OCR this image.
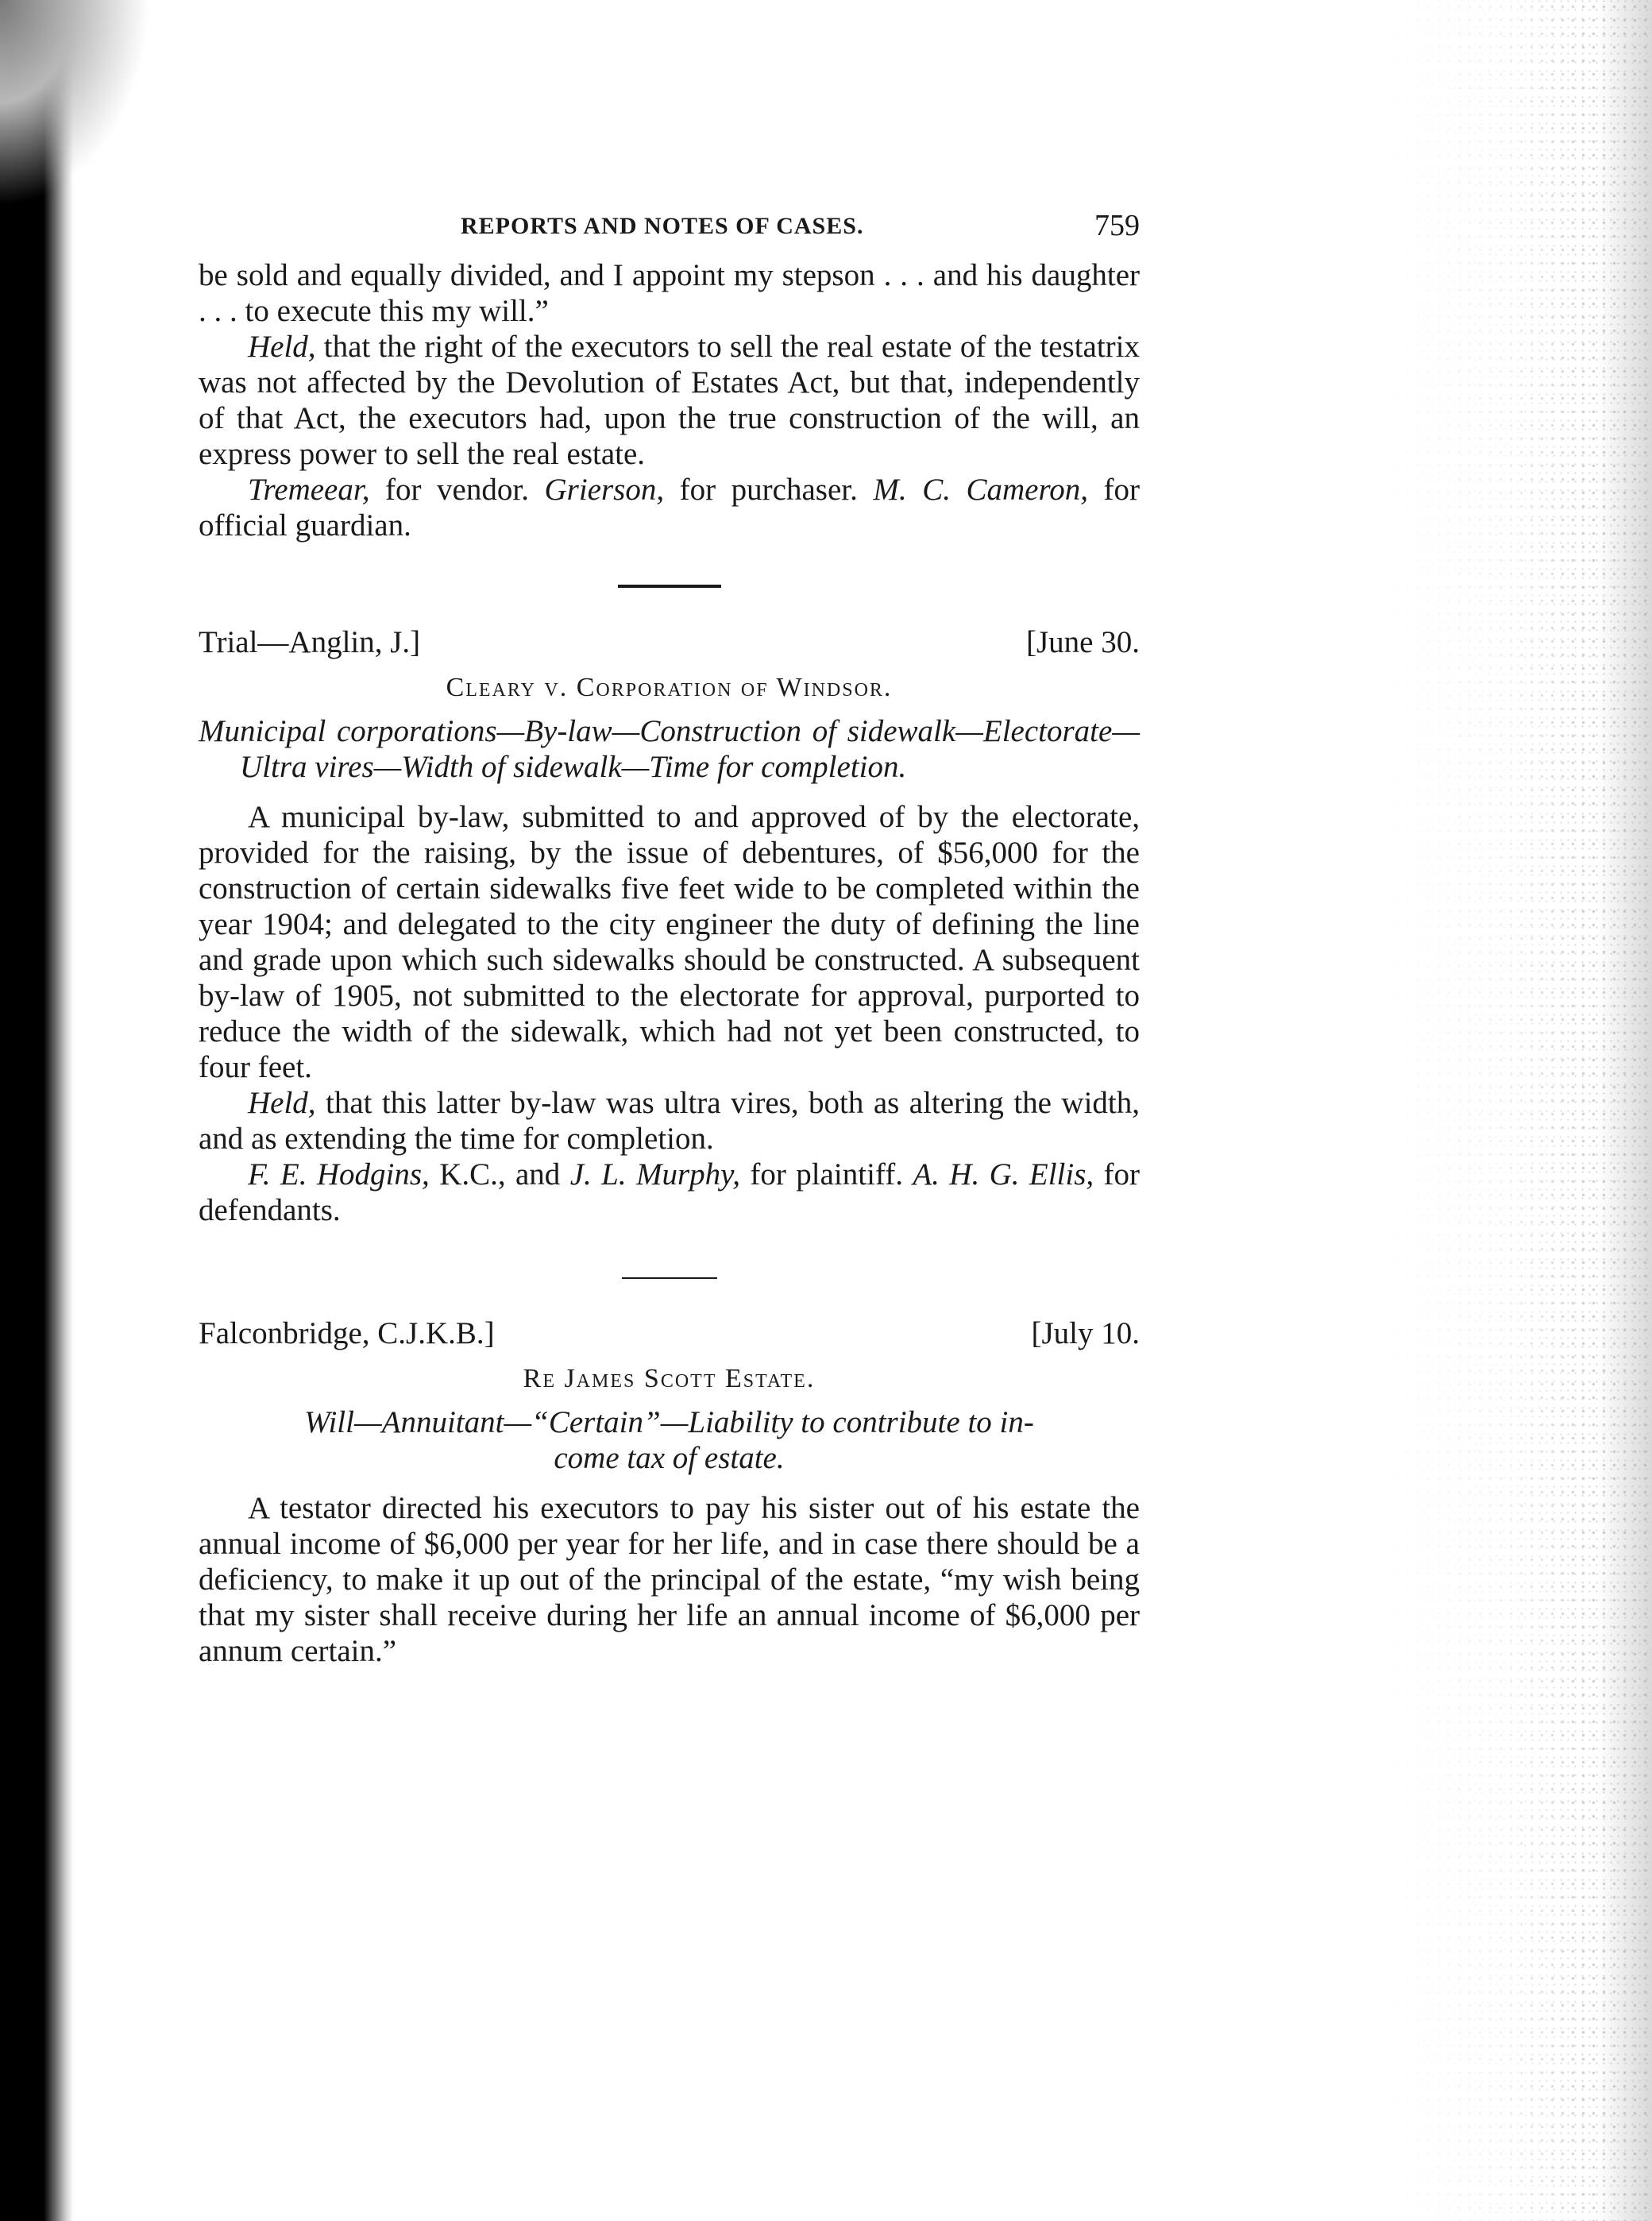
REPORTS AND NOTES OF CASES.	759

be sold and equally divided, and I appoint my stepson . . . and his daughter . . . to execute this my will.”

Held, that the right of the executors to sell the real estate of the testatrix was not affected by the Devolution of Estates Act, but that, independently of that Act, the executors had, upon the true construction of the will, an express power to sell the real estate.

Tremeear, for vendor. Grierson, for purchaser. M. C. Cameron, for official guardian.

Trial—Anglin, J.]	[June 30.
Cleary v. Corporation of Windsor.
Municipal corporations—By-law—Construction of sidewalk—Electorate—Ultra vires—Width of sidewalk—Time for completion.

A municipal by-law, submitted to and approved of by the electorate, provided for the raising, by the issue of debentures, of $56,000 for the construction of certain sidewalks five feet wide to be completed within the year 1904; and delegated to the city engineer the duty of defining the line and grade upon which such sidewalks should be constructed. A subsequent by-law of 1905, not submitted to the electorate for approval, purported to reduce the width of the sidewalk, which had not yet been constructed, to four feet.

Held, that this latter by-law was ultra vires, both as altering the width, and as extending the time for completion.

F. E. Hodgins, K.C., and J. L. Murphy, for plaintiff. A. H. G. Ellis, for defendants.

Falconbridge, C.J.K.B.]	[July 10.
Re James Scott Estate.
Will—Annuitant—“Certain”—Liability to contribute to in-
come tax of estate.

A testator directed his executors to pay his sister out of his estate the annual income of $6,000 per year for her life, and in case there should be a deficiency, to make it up out of the principal of the estate, “my wish being that my sister shall receive during her life an annual income of $6,000 per annum certain.”
